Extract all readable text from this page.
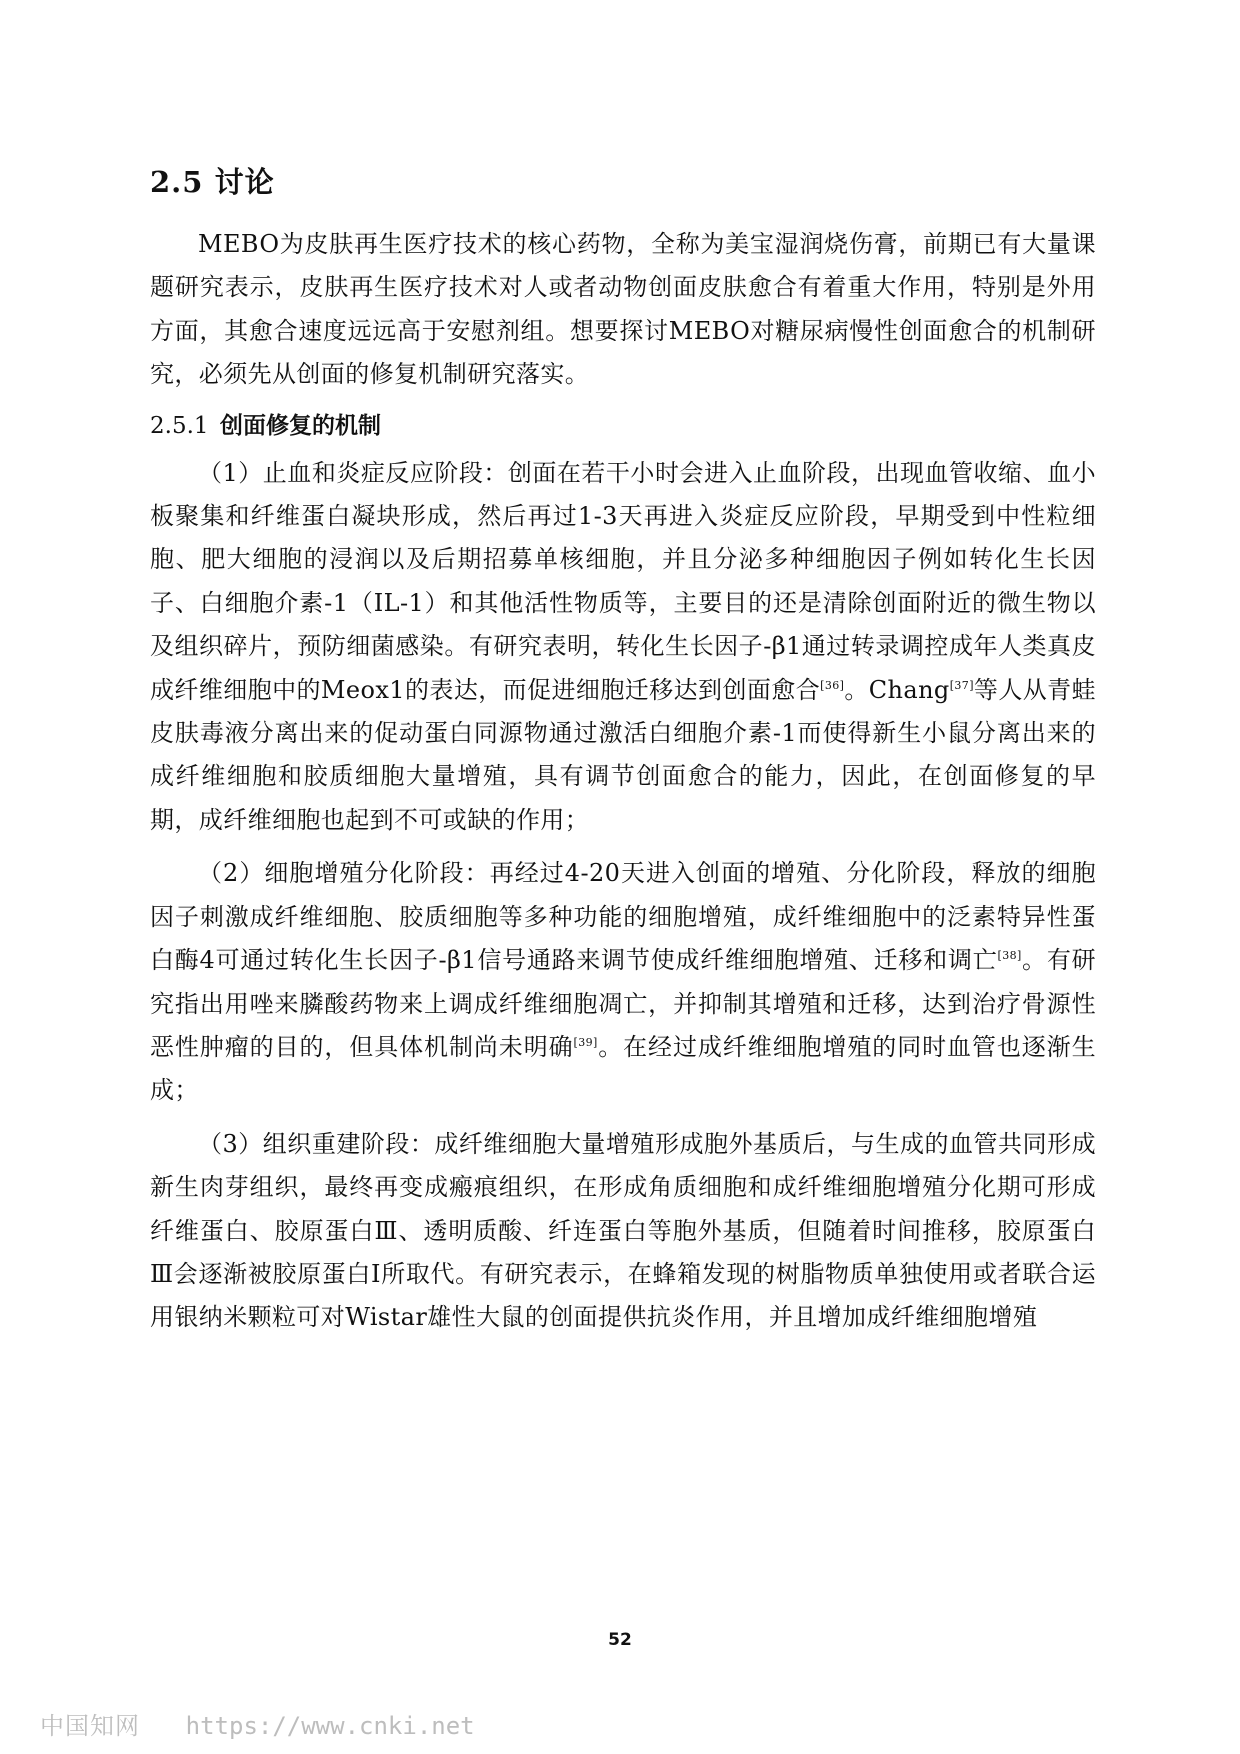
2.5 讨论

MEBO为皮肤再生医疗技术的核心药物，全称为美宝湿润烧伤膏，前期已有大量课题研究表示，皮肤再生医疗技术对人或者动物创面皮肤愈合有着重大作用，特别是外用方面，其愈合速度远远高于安慰剂组。想要探讨MEBO对糖尿病慢性创面愈合的机制研究，必须先从创面的修复机制研究落实。

2.5.1 创面修复的机制

（1）止血和炎症反应阶段：创面在若干小时会进入止血阶段，出现血管收缩、血小板聚集和纤维蛋白凝块形成，然后再过1-3天再进入炎症反应阶段，早期受到中性粒细胞、肥大细胞的浸润以及后期招募单核细胞，并且分泌多种细胞因子例如转化生长因子、白细胞介素-1（IL-1）和其他活性物质等，主要目的还是清除创面附近的微生物以及组织碎片，预防细菌感染。有研究表明，转化生长因子-β1通过转录调控成年人类真皮成纤维细胞中的Meox1的表达，而促进细胞迁移达到创面愈合[36]。Chang[37]等人从青蛙皮肤毒液分离出来的促动蛋白同源物通过激活白细胞介素-1而使得新生小鼠分离出来的成纤维细胞和胶质细胞大量增殖，具有调节创面愈合的能力，因此，在创面修复的早期，成纤维细胞也起到不可或缺的作用；

（2）细胞增殖分化阶段：再经过4-20天进入创面的增殖、分化阶段，释放的细胞因子刺激成纤维细胞、胶质细胞等多种功能的细胞增殖，成纤维细胞中的泛素特异性蛋白酶4可通过转化生长因子-β1信号通路来调节使成纤维细胞增殖、迁移和调亡[38]。有研究指出用唑来膦酸药物来上调成纤维细胞凋亡，并抑制其增殖和迁移，达到治疗骨源性恶性肿瘤的目的，但具体机制尚未明确[39]。在经过成纤维细胞增殖的同时血管也逐渐生成；

（3）组织重建阶段：成纤维细胞大量增殖形成胞外基质后，与生成的血管共同形成新生肉芽组织，最终再变成瘢痕组织，在形成角质细胞和成纤维细胞增殖分化期可形成纤维蛋白、胶原蛋白Ⅲ、透明质酸、纤连蛋白等胞外基质，但随着时间推移，胶原蛋白Ⅲ会逐渐被胶原蛋白Ⅰ所取代。有研究表示，在蜂箱发现的树脂物质单独使用或者联合运用银纳米颗粒可对Wistar雄性大鼠的创面提供抗炎作用，并且增加成纤维细胞增殖

52
中国知网 https://www.cnki.net
